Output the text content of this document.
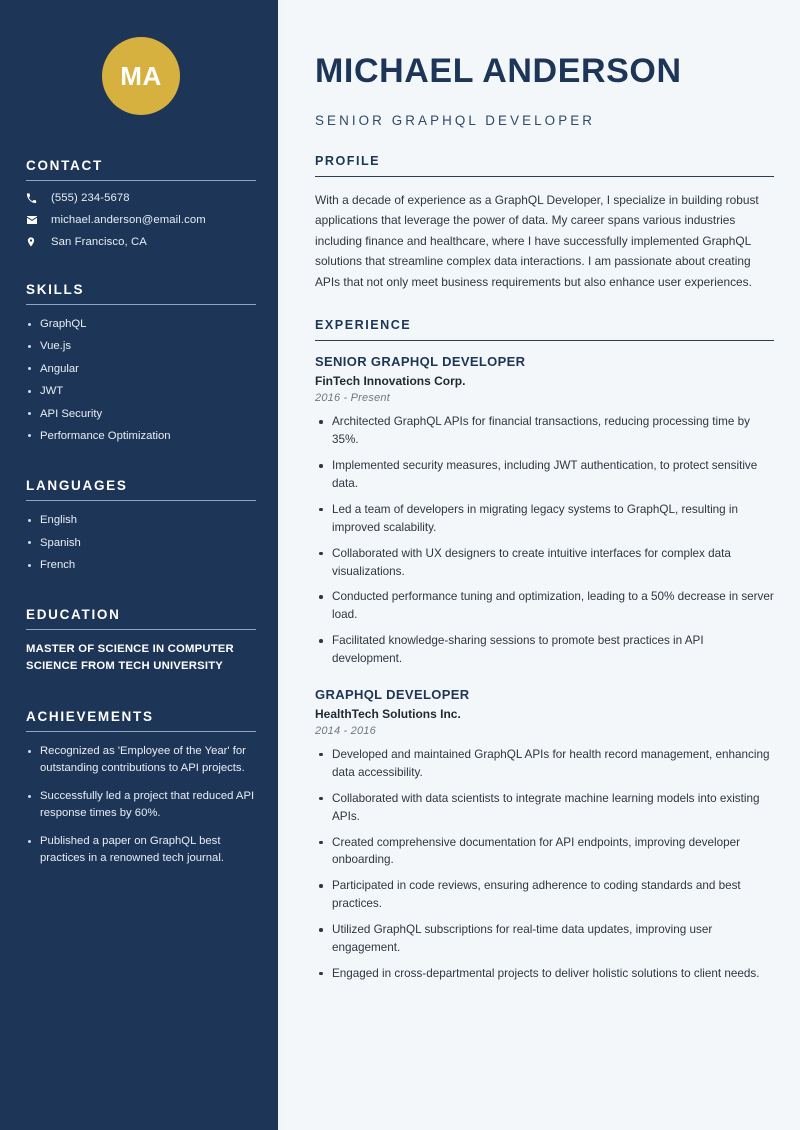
MA
CONTACT
(555) 234-5678
michael.anderson@email.com
San Francisco, CA
SKILLS
GraphQL
Vue.js
Angular
JWT
API Security
Performance Optimization
LANGUAGES
English
Spanish
French
EDUCATION
MASTER OF SCIENCE IN COMPUTER SCIENCE FROM TECH UNIVERSITY
ACHIEVEMENTS
Recognized as 'Employee of the Year' for outstanding contributions to API projects.
Successfully led a project that reduced API response times by 60%.
Published a paper on GraphQL best practices in a renowned tech journal.
MICHAEL ANDERSON
SENIOR GRAPHQL DEVELOPER
PROFILE

With a decade of experience as a GraphQL Developer, I specialize in building robust applications that leverage the power of data. My career spans various industries including finance and healthcare, where I have successfully implemented GraphQL solutions that streamline complex data interactions. I am passionate about creating APIs that not only meet business requirements but also enhance user experiences.

EXPERIENCE
SENIOR GRAPHQL DEVELOPER
FinTech Innovations Corp.
2016 - Present
Architected GraphQL APIs for financial transactions, reducing processing time by 35%.
Implemented security measures, including JWT authentication, to protect sensitive data.
Led a team of developers in migrating legacy systems to GraphQL, resulting in improved scalability.
Collaborated with UX designers to create intuitive interfaces for complex data visualizations.
Conducted performance tuning and optimization, leading to a 50% decrease in server load.
Facilitated knowledge-sharing sessions to promote best practices in API development.
GRAPHQL DEVELOPER
HealthTech Solutions Inc.
2014 - 2016
Developed and maintained GraphQL APIs for health record management, enhancing data accessibility.
Collaborated with data scientists to integrate machine learning models into existing APIs.
Created comprehensive documentation for API endpoints, improving developer onboarding.
Participated in code reviews, ensuring adherence to coding standards and best practices.
Utilized GraphQL subscriptions for real-time data updates, improving user engagement.
Engaged in cross-departmental projects to deliver holistic solutions to client needs.
